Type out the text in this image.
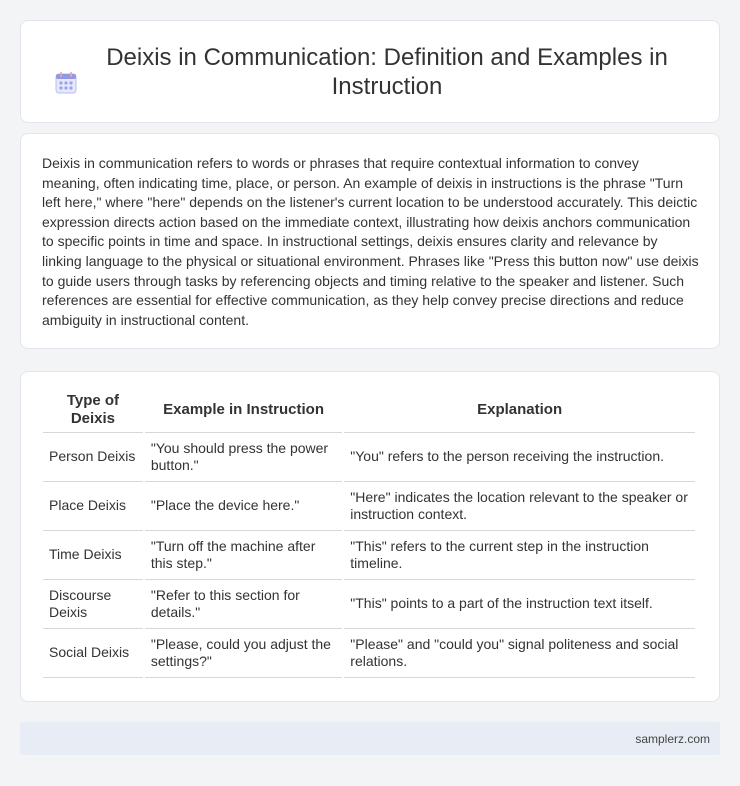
Deixis in Communication: Definition and Examples in Instruction

Deixis in communication refers to words or phrases that require contextual information to convey meaning, often indicating time, place, or person. An example of deixis in instructions is the phrase "Turn left here," where "here" depends on the listener's current location to be understood accurately. This deictic expression directs action based on the immediate context, illustrating how deixis anchors communication to specific points in time and space. In instructional settings, deixis ensures clarity and relevance by linking language to the physical or situational environment. Phrases like "Press this button now" use deixis to guide users through tasks by referencing objects and timing relative to the speaker and listener. Such references are essential for effective communication, as they help convey precise directions and reduce ambiguity in instructional content.

Type of Deixis	Example in Instruction	Explanation
Person Deixis	"You should press the power button."	"You" refers to the person receiving the instruction.
Place Deixis	"Place the device here."	"Here" indicates the location relevant to the speaker or instruction context.
Time Deixis	"Turn off the machine after this step."	"This" refers to the current step in the instruction timeline.
Discourse Deixis	"Refer to this section for details."	"This" points to a part of the instruction text itself.
Social Deixis	"Please, could you adjust the settings?"	"Please" and "could you" signal politeness and social relations.
samplerz.com
